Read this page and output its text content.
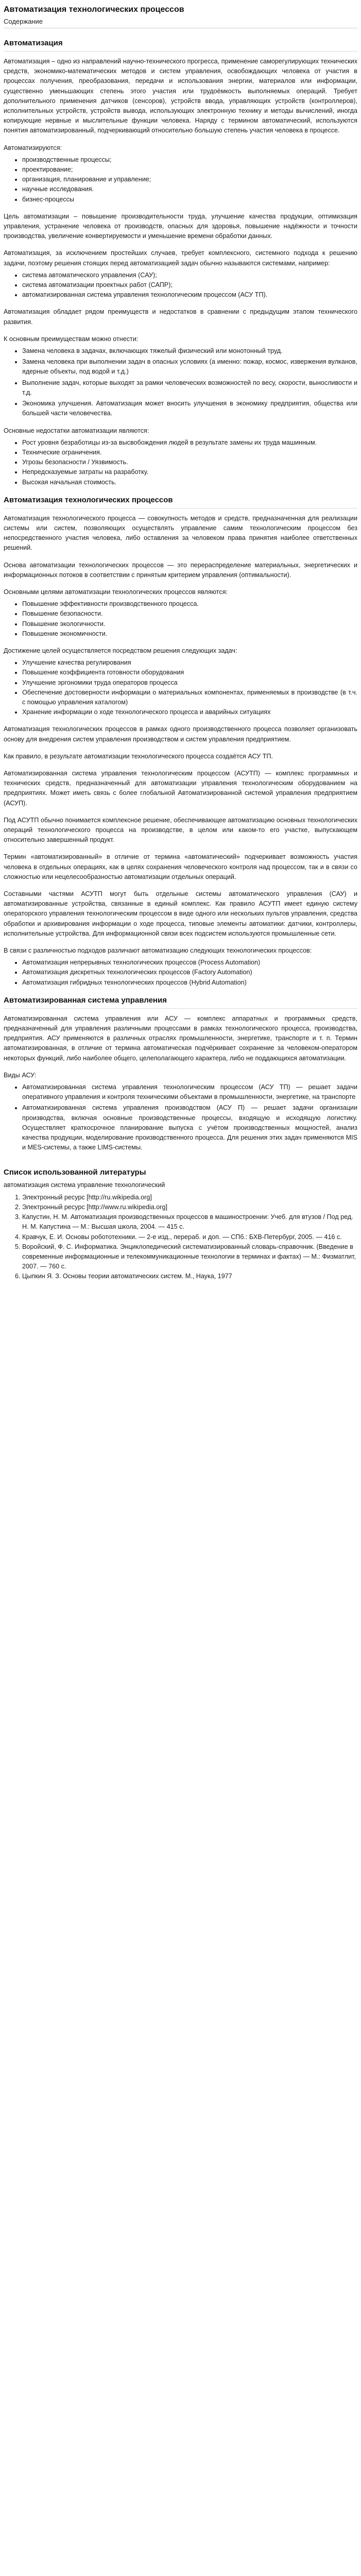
Автоматизация технологических процессов
Содержание
Автоматизация

Автоматизация – одно из направлений научно-технического прогресса, применение саморегулирующих технических средств, экономико-математических методов и систем управления, освобождающих человека от участия в процессах получения, преобразования, передачи и использования энергии, материалов или информации, существенно уменьшающих степень этого участия или трудоёмкость выполняемых операций. Требует дополнительного применения датчиков (сенсоров), устройств ввода, управляющих устройств (контроллеров), исполнительных устройств, устройств вывода, использующих электронную технику и методы вычислений, иногда копирующие нервные и мыслительные функции человека. Наряду с термином автоматический, используются понятия автоматизированный, подчеркивающий относительно большую степень участия человека в процессе.

Автоматизируются:

• производственные процессы;
• проектирование;
• организация, планирование и управление;
• научные исследования.
• бизнес-процессы

Цель автоматизации – повышение производительности труда, улучшение качества продукции, оптимизация управления, устранение человека от производств, опасных для здоровья, повышение надёжности и точности производства, увеличение конвертируемости и уменьшение времени обработки данных.

Автоматизация, за исключением простейших случаев, требует комплексного, системного подхода к решению задачи, поэтому решения стоящих перед автоматизацией задач обычно называются системами, например:

• система автоматического управления (САУ);
• система автоматизации проектных работ (САПР);
• автоматизированная система управления технологическим процессом (АСУ ТП).

Автоматизация обладает рядом преимуществ и недостатков в сравнении с предыдущим этапом технического развития.

К основным преимуществам можно отнести:

• Замена человека в задачах, включающих тяжелый физический или монотонный труд.
• Замена человека при выполнении задач в опасных условиях (а именно: пожар, космос, извержения вулканов, ядерные объекты, под водой и т.д.)
• Выполнение задач, которые выходят за рамки человеческих возможностей по весу, скорости, выносливости и т.д.
• Экономика улучшения. Автоматизация может вносить улучшения в экономику предприятия, общества или большей части человечества.

Основные недостатки автоматизации являются:

• Рост уровня безработицы из-за высвобождения людей в результате замены их труда машинным.
• Технические ограничения.
• Угрозы безопасности / Уязвимость.
• Непредсказуемые затраты на разработку.
• Высокая начальная стоимость.
Автоматизация технологических процессов

Автоматизация технологического процесса — совокупность методов и средств, предназначенная для реализации системы или систем, позволяющих осуществлять управление самим технологическим процессом без непосредственного участия человека, либо оставления за человеком права принятия наиболее ответственных решений.

Основа автоматизации технологических процессов — это перераспределение материальных, энергетических и информационных потоков в соответствии с принятым критерием управления (оптимальности).

Основными целями автоматизации технологических процессов являются:

• Повышение эффективности производственного процесса.
• Повышение безопасности.
• Повышение экологичности.
• Повышение экономичности.

Достижение целей осуществляется посредством решения следующих задач:

• Улучшение качества регулирования
• Повышение коэффициента готовности оборудования
• Улучшение эргономики труда операторов процесса
• Обеспечение достоверности информации о материальных компонентах, применяемых в производстве (в т.ч. с помощью управления каталогом)
• Хранение информации о ходе технологического процесса и аварийных ситуациях

Автоматизация технологических процессов в рамках одного производственного процесса позволяет организовать основу для внедрения систем управления производством и систем управления предприятием.

Как правило, в результате автоматизации технологического процесса создаётся АСУ ТП.

Автоматизированная система управления технологическим процессом (АСУТП) — комплекс программных и технических средств, предназначенный для автоматизации управления технологическим оборудованием на предприятиях. Может иметь связь с более глобальной Автоматизированной системой управления предприятием (АСУП).

Под АСУТП обычно понимается комплексное решение, обеспечивающее автоматизацию основных технологических операций технологического процесса на производстве, в целом или каком-то его участке, выпускающем относительно завершенный продукт.

Термин «автоматизированный» в отличие от термина «автоматический» подчеркивает возможность участия человека в отдельных операциях, как в целях сохранения человеческого контроля над процессом, так и в связи со сложностью или нецелесообразностью автоматизации отдельных операций.

Составными частями АСУТП могут быть отдельные системы автоматического управления (САУ) и автоматизированные устройства, связанные в единый комплекс. Как правило АСУТП имеет единую систему операторского управления технологическим процессом в виде одного или нескольких пультов управления, средства обработки и архивирования информации о ходе процесса, типовые элементы автоматики: датчики, контроллеры, исполнительные устройства. Для информационной связи всех подсистем используются промышленные сети.

В связи с различностью подходов различают автоматизацию следующих технологических процессов:

• Автоматизация непрерывных технологических процессов (Process Automation)
• Автоматизация дискретных технологических процессов (Factory Automation)
• Автоматизация гибридных технологических процессов (Hybrid Automation)
Автоматизированная система управления

Автоматизированная система управления или АСУ — комплекс аппаратных и программных средств, предназначенный для управления различными процессами в рамках технологического процесса, производства, предприятия. АСУ применяются в различных отраслях промышленности, энергетике, транспорте и т. п. Термин автоматизированная, в отличие от термина автоматическая подчёркивает сохранение за человеком-оператором некоторых функций, либо наиболее общего, целеполагающего характера, либо не поддающихся автоматизации.

Виды АСУ:

• Автоматизированная система управления технологическим процессом (АСУ ТП) — решает задачи оперативного управления и контроля техническими объектами в промышленности, энергетике, на транспорте
• Автоматизированная система управления производством (АСУ П) — решает задачи организации производства, включая основные производственные процессы, входящую и исходящую логистику. Осуществляет краткосрочное планирование выпуска с учётом производственных мощностей, анализ качества продукции, моделирование производственного процесса. Для решения этих задач применяются MIS и MES-системы, а также LIMS-системы.
Список использованной литературы
автоматизация система управление технологический
1. Электронный ресурс [http://ru.wikipedia.org]
2. Электронный ресурс [http://www.ru.wikipedia.org]
3. Капустин, Н. М. Автоматизация производственных процессов в машиностроении: Учеб. для втузов / Под ред. Н. М. Капустина — М.: Высшая школа, 2004. — 415 с.
4. Кравчук, Е. И. Основы робототехники. — 2-е изд., перераб. и доп. — СПб.: БХВ-Петербург, 2005. — 416 с.
5. Воройский, Ф. С. Информатика. Энциклопедический систематизированный словарь-справочник. (Введение в современные информационные и телекоммуникационные технологии в терминах и фактах) — М.: Физматлит, 2007. — 760 с.
6. Цыпкин Я. З. Основы теории автоматических систем. М., Наука, 1977
